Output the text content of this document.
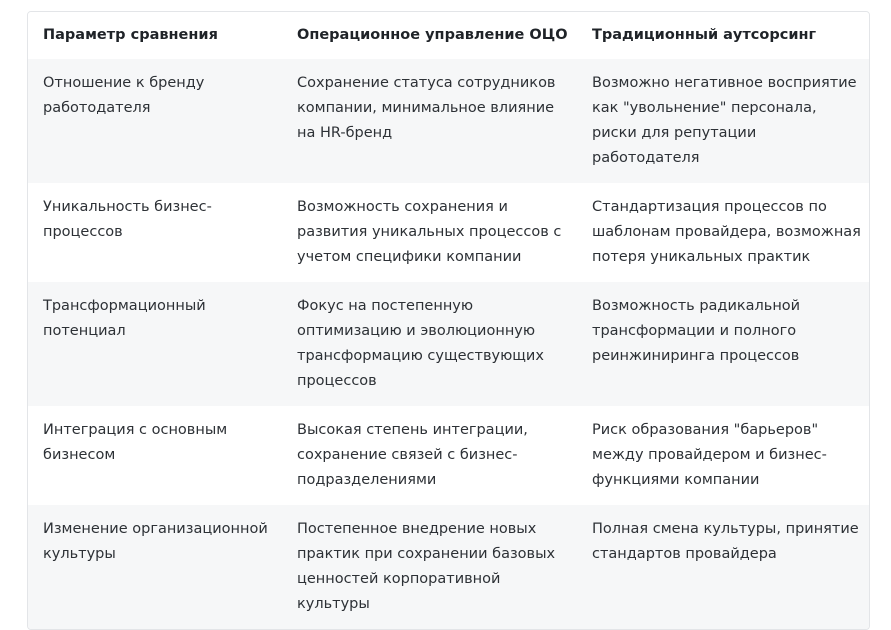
Параметр сравнения	Операционное управление ОЦО	Традиционный аутсорсинг
Отношение к бренду работодателя	Сохранение статуса сотрудников компании, минимальное влияние на HR-бренд	Возможно негативное восприятие как "увольнение" персонала, риски для репутации работодателя
Уникальность бизнес-процессов	Возможность сохранения и развития уникальных процессов с учетом специфики компании	Стандартизация процессов по шаблонам провайдера, возможная потеря уникальных практик
Трансформационный потенциал	Фокус на постепенную оптимизацию и эволюционную трансформацию существующих процессов	Возможность радикальной трансформации и полного реинжиниринга процессов
Интеграция с основным бизнесом	Высокая степень интеграции, сохранение связей с бизнес-подразделениями	Риск образования "барьеров" между провайдером и бизнес-функциями компании
Изменение организационной культуры	Постепенное внедрение новых практик при сохранении базовых ценностей корпоративной культуры	Полная смена культуры, принятие стандартов провайдера
